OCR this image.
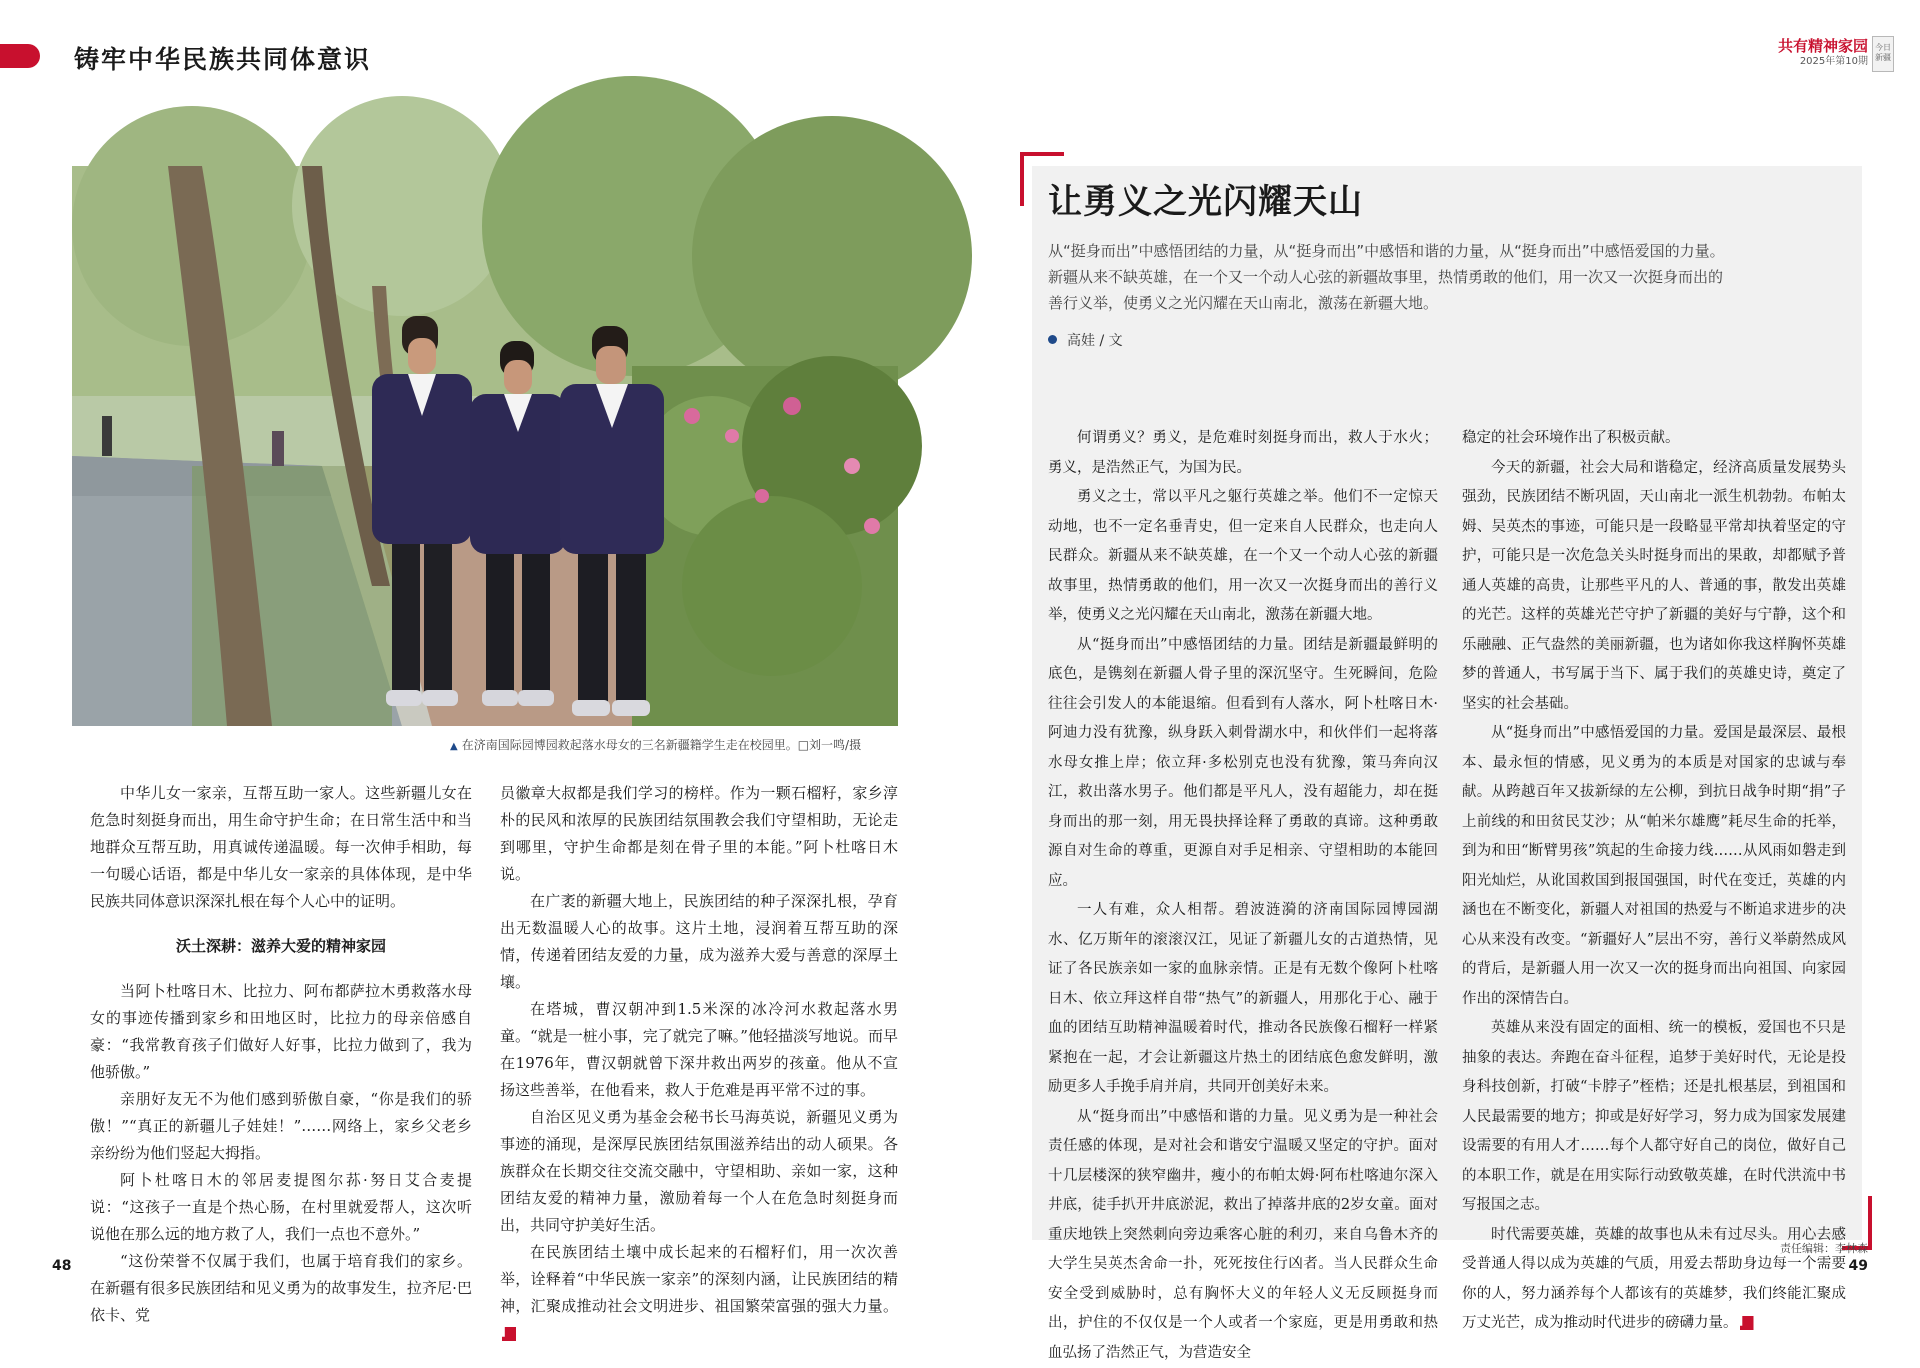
铸牢中华民族共同体意识
▲ 在济南国际园博园救起落水母女的三名新疆籍学生走在校园里。□刘一鸣/摄

中华儿女一家亲，互帮互助一家人。这些新疆儿女在危急时刻挺身而出，用生命守护生命；在日常生活中和当地群众互帮互助，用真诚传递温暖。每一次伸手相助，每一句暖心话语，都是中华儿女一家亲的具体体现，是中华民族共同体意识深深扎根在每个人心中的证明。

沃土深耕：滋养大爱的精神家园

当阿卜杜喀日木、比拉力、阿布都萨拉木勇救落水母女的事迹传播到家乡和田地区时，比拉力的母亲倍感自豪：“我常教育孩子们做好人好事，比拉力做到了，我为他骄傲。”

亲朋好友无不为他们感到骄傲自豪，“你是我们的骄傲！”“真正的新疆儿子娃娃！”……网络上，家乡父老乡亲纷纷为他们竖起大拇指。

阿卜杜喀日木的邻居麦提图尔荪·努日艾合麦提说：“这孩子一直是个热心肠，在村里就爱帮人，这次听说他在那么远的地方救了人，我们一点也不意外。”

“这份荣誉不仅属于我们，也属于培育我们的家乡。在新疆有很多民族团结和见义勇为的故事发生，拉齐尼·巴依卡、党

员徽章大叔都是我们学习的榜样。作为一颗石榴籽，家乡淳朴的民风和浓厚的民族团结氛围教会我们守望相助，无论走到哪里，守护生命都是刻在骨子里的本能。”阿卜杜喀日木说。

在广袤的新疆大地上，民族团结的种子深深扎根，孕育出无数温暖人心的故事。这片土地，浸润着互帮互助的深情，传递着团结友爱的力量，成为滋养大爱与善意的深厚土壤。

在塔城，曹汉朝冲到1.5米深的冰冷河水救起落水男童。“就是一桩小事，完了就完了嘛。”他轻描淡写地说。而早在1976年，曹汉朝就曾下深井救出两岁的孩童。他从不宣扬这些善举，在他看来，救人于危难是再平常不过的事。

自治区见义勇为基金会秘书长马海英说，新疆见义勇为事迹的涌现，是深厚民族团结氛围滋养结出的动人硕果。各族群众在长期交往交流交融中，守望相助、亲如一家，这种团结友爱的精神力量，激励着每一个人在危急时刻挺身而出，共同守护美好生活。

在民族团结土壤中成长起来的石榴籽们，用一次次善举，诠释着“中华民族一家亲”的深刻内涵，让民族团结的精神，汇聚成推动社会文明进步、祖国繁荣富强的强大力量。

48
共有精神家园
2025年第10期
今日
新疆
让勇义之光闪耀天山
从“挺身而出”中感悟团结的力量，从“挺身而出”中感悟和谐的力量，从“挺身而出”中感悟爱国的力量。新疆从来不缺英雄，在一个又一个动人心弦的新疆故事里，热情勇敢的他们，用一次又一次挺身而出的善行义举，使勇义之光闪耀在天山南北，激荡在新疆大地。
高娃 / 文

何谓勇义？勇义，是危难时刻挺身而出，救人于水火；勇义，是浩然正气，为国为民。

勇义之士，常以平凡之躯行英雄之举。他们不一定惊天动地，也不一定名垂青史，但一定来自人民群众，也走向人民群众。新疆从来不缺英雄，在一个又一个动人心弦的新疆故事里，热情勇敢的他们，用一次又一次挺身而出的善行义举，使勇义之光闪耀在天山南北，激荡在新疆大地。

从“挺身而出”中感悟团结的力量。团结是新疆最鲜明的底色，是镌刻在新疆人骨子里的深沉坚守。生死瞬间，危险往往会引发人的本能退缩。但看到有人落水，阿卜杜喀日木·阿迪力没有犹豫，纵身跃入刺骨湖水中，和伙伴们一起将落水母女推上岸；依立拜·多松别克也没有犹豫，策马奔向汉江，救出落水男子。他们都是平凡人，没有超能力，却在挺身而出的那一刻，用无畏抉择诠释了勇敢的真谛。这种勇敢源自对生命的尊重，更源自对手足相亲、守望相助的本能回应。

一人有难，众人相帮。碧波涟漪的济南国际园博园湖水、亿万斯年的滚滚汉江，见证了新疆儿女的古道热情，见证了各民族亲如一家的血脉亲情。正是有无数个像阿卜杜喀日木、依立拜这样自带“热气”的新疆人，用那化于心、融于血的团结互助精神温暖着时代，推动各民族像石榴籽一样紧紧抱在一起，才会让新疆这片热土的团结底色愈发鲜明，激励更多人手挽手肩并肩，共同开创美好未来。

从“挺身而出”中感悟和谐的力量。见义勇为是一种社会责任感的体现，是对社会和谐安宁温暖又坚定的守护。面对十几层楼深的狭窄幽井，瘦小的布帕太姆·阿布杜喀迪尔深入井底，徒手扒开井底淤泥，救出了掉落井底的2岁女童。面对重庆地铁上突然刺向旁边乘客心脏的利刃，来自乌鲁木齐的大学生吴英杰舍命一扑，死死按住行凶者。当人民群众生命安全受到威胁时，总有胸怀大义的年轻人义无反顾挺身而出，护住的不仅仅是一个人或者一个家庭，更是用勇敢和热血弘扬了浩然正气，为营造安全

稳定的社会环境作出了积极贡献。

今天的新疆，社会大局和谐稳定，经济高质量发展势头强劲，民族团结不断巩固，天山南北一派生机勃勃。布帕太姆、吴英杰的事迹，可能只是一段略显平常却执着坚定的守护，可能只是一次危急关头时挺身而出的果敢，却都赋予普通人英雄的高贵，让那些平凡的人、普通的事，散发出英雄的光芒。这样的英雄光芒守护了新疆的美好与宁静，这个和乐融融、正气盎然的美丽新疆，也为诸如你我这样胸怀英雄梦的普通人，书写属于当下、属于我们的英雄史诗，奠定了坚实的社会基础。

从“挺身而出”中感悟爱国的力量。爱国是最深层、最根本、最永恒的情感，见义勇为的本质是对国家的忠诚与奉献。从跨越百年又拔新绿的左公柳，到抗日战争时期“捐”子上前线的和田贫民艾沙；从“帕米尔雄鹰”耗尽生命的托举，到为和田“断臂男孩”筑起的生命接力线……从风雨如磐走到阳光灿烂，从讹国救国到报国强国，时代在变迁，英雄的内涵也在不断变化，新疆人对祖国的热爱与不断追求进步的决心从来没有改变。“新疆好人”层出不穷，善行义举蔚然成风的背后，是新疆人用一次又一次的挺身而出向祖国、向家园作出的深情告白。

英雄从来没有固定的面相、统一的模板，爱国也不只是抽象的表达。奔跑在奋斗征程，追梦于美好时代，无论是投身科技创新，打破“卡脖子”桎梏；还是扎根基层，到祖国和人民最需要的地方；抑或是好好学习，努力成为国家发展建设需要的有用人才……每个人都守好自己的岗位，做好自己的本职工作，就是在用实际行动致敬英雄，在时代洪流中书写报国之志。

时代需要英雄，英雄的故事也从未有过尽头。用心去感受普通人得以成为英雄的气质，用爱去帮助身边每一个需要你的人，努力涵养每个人都该有的英雄梦，我们终能汇聚成万丈光芒，成为推动时代进步的磅礴力量。

责任编辑：李林森
49
